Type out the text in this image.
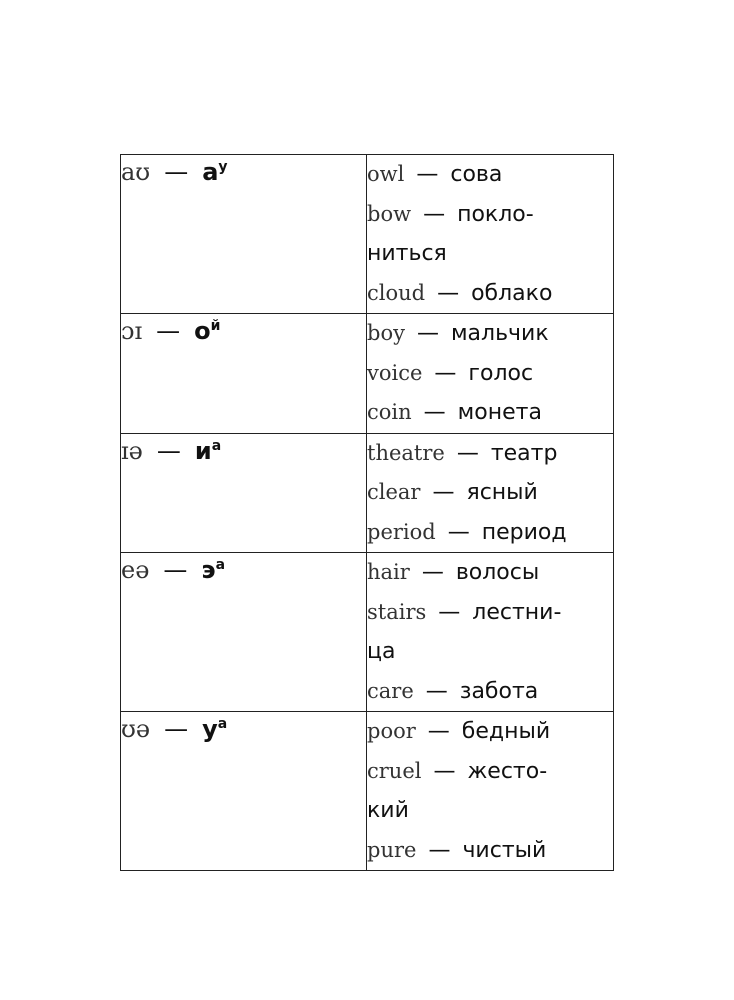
aʊ — $а^у$	owl — сова
bow — покло-
ниться
cloud — облако

ɔɪ — $о^й$	boy — мальчик
voice — голос
coin — монета

ɪə — $и^а$	theatre — театр
clear — ясный
period — период

eə — $э^а$	hair — волосы
stairs — лестни-
ца
care — забота

ʊə — $у^а$	poor — бедный
cruel — жесто-
кий
pure — чистый
